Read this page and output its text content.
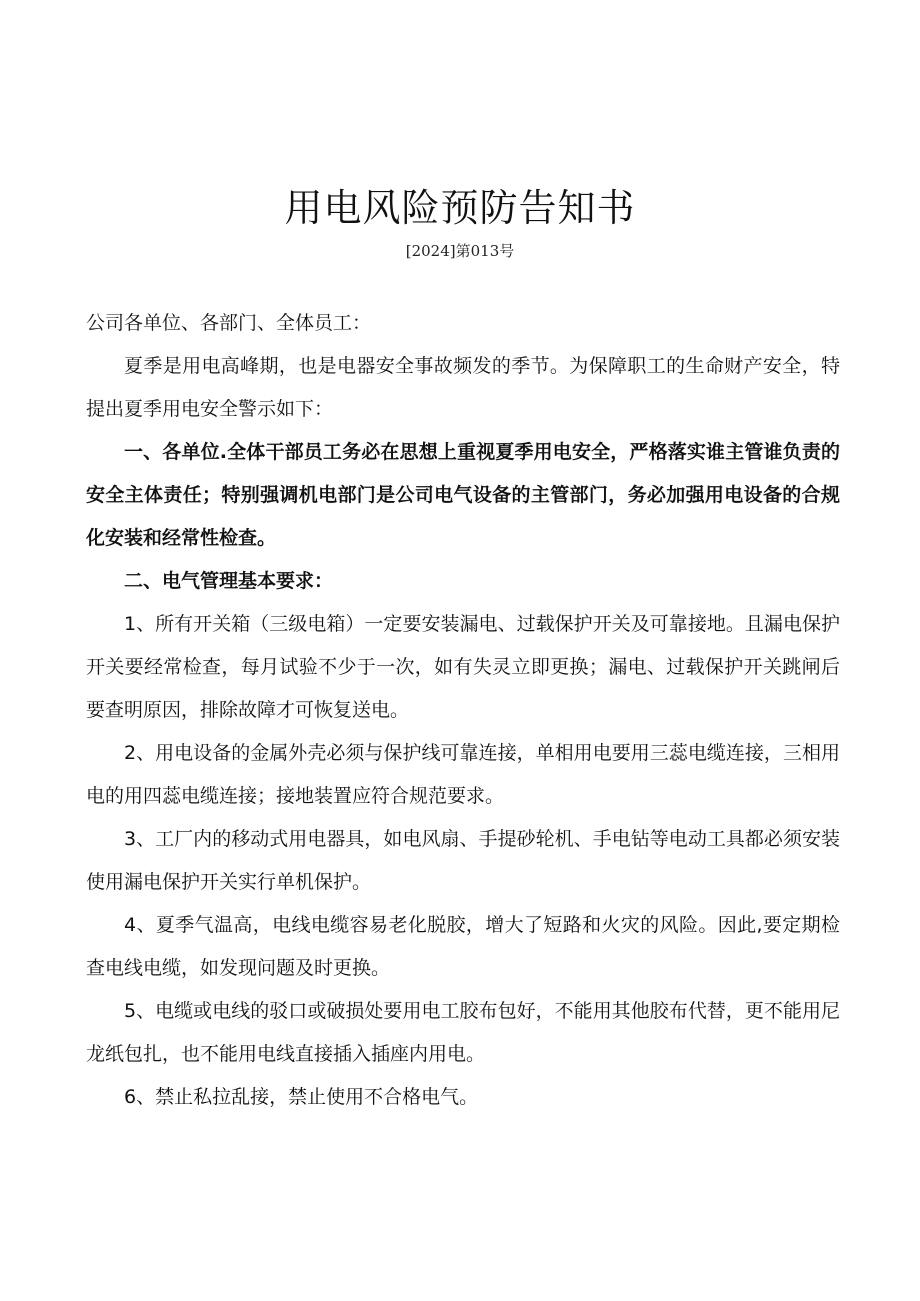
用电风险预防告知书
[2024]第013号

公司各单位、各部门、全体员工：

夏季是用电高峰期，也是电器安全事故频发的季节。为保障职工的生命财产安全，特提出夏季用电安全警示如下：

一、各单位.全体干部员工务必在思想上重视夏季用电安全，严格落实谁主管谁负责的安全主体责任；特别强调机电部门是公司电气设备的主管部门，务必加强用电设备的合规化安装和经常性检查。

二、电气管理基本要求：

1、所有开关箱（三级电箱）一定要安装漏电、过载保护开关及可靠接地。且漏电保护开关要经常检查，每月试验不少于一次，如有失灵立即更换；漏电、过载保护开关跳闸后要查明原因，排除故障才可恢复送电。

2、用电设备的金属外壳必须与保护线可靠连接，单相用电要用三蕊电缆连接，三相用电的用四蕊电缆连接；接地装置应符合规范要求。

3、工厂内的移动式用电器具，如电风扇、手提砂轮机、手电钻等电动工具都必须安装使用漏电保护开关实行单机保护。

4、夏季气温高，电线电缆容易老化脱胶，增大了短路和火灾的风险。因此,要定期检查电线电缆，如发现问题及时更换。

5、电缆或电线的驳口或破损处要用电工胶布包好，不能用其他胶布代替，更不能用尼龙纸包扎，也不能用电线直接插入插座内用电。

6、禁止私拉乱接，禁止使用不合格电气。
